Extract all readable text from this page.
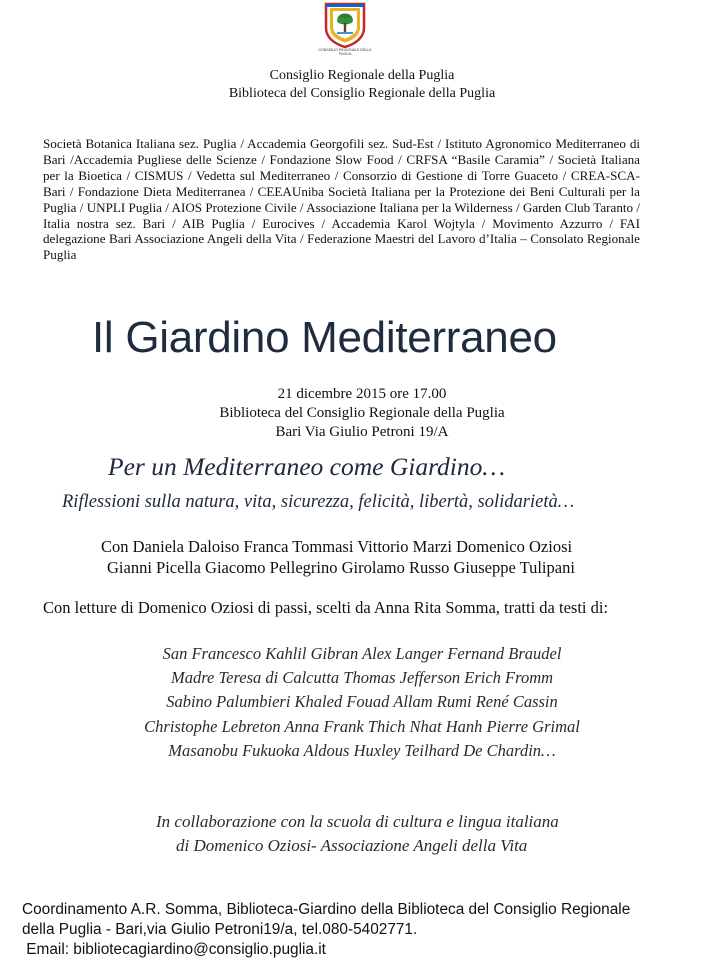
CONSIGLIO REGIONALE DELLA PUGLIA
Consiglio Regionale della Puglia
Biblioteca del Consiglio Regionale della Puglia
Società Botanica Italiana sez. Puglia / Accademia Georgofili sez. Sud-Est / Istituto Agronomico Mediterraneo di Bari /Accademia Pugliese delle Scienze / Fondazione Slow Food / CRFSA “Basile Caramia” / Società Italiana per la Bioetica / CISMUS / Vedetta sul Mediterraneo / Consorzio di Gestione di Torre Guaceto / CREA-SCA-Bari / Fondazione Dieta Mediterranea / CEEAUniba Società Italiana per la Protezione dei Beni Culturali per la Puglia / UNPLI Puglia / AIOS Protezione Civile / Associazione Italiana per la Wilderness / Garden Club Taranto / Italia nostra sez. Bari / AIB Puglia / Eurocives / Accademia Karol Wojtyla / Movimento Azzurro / FAI delegazione Bari Associazione Angeli della Vita / Federazione Maestri del Lavoro d’Italia – Consolato Regionale Puglia
Il Giardino Mediterraneo
21 dicembre 2015 ore 17.00
Biblioteca del Consiglio Regionale della Puglia
Bari Via Giulio Petroni 19/A
Per un Mediterraneo come Giardino…
Riflessioni sulla natura, vita, sicurezza, felicità, libertà, solidarietà…
Con Daniela Daloiso Franca Tommasi Vittorio Marzi Domenico Oziosi
Gianni Picella Giacomo Pellegrino Girolamo Russo Giuseppe Tulipani
Con letture di Domenico Oziosi di passi, scelti da Anna Rita Somma, tratti da testi di:
San Francesco Kahlil Gibran Alex Langer Fernand Braudel
Madre Teresa di Calcutta Thomas Jefferson Erich Fromm
Sabino Palumbieri Khaled Fouad Allam Rumi René Cassin
Christophe Lebreton Anna Frank Thich Nhat Hanh Pierre Grimal
Masanobu Fukuoka Aldous Huxley Teilhard De Chardin…
In collaborazione con la scuola di cultura e lingua italiana
di Domenico Oziosi- Associazione Angeli della Vita
Coordinamento A.R. Somma, Biblioteca-Giardino della Biblioteca del Consiglio Regionale
della Puglia - Bari,via Giulio Petroni19/a, tel.080-5402771.
Email: bibliotecagiardino@consiglio.puglia.it
